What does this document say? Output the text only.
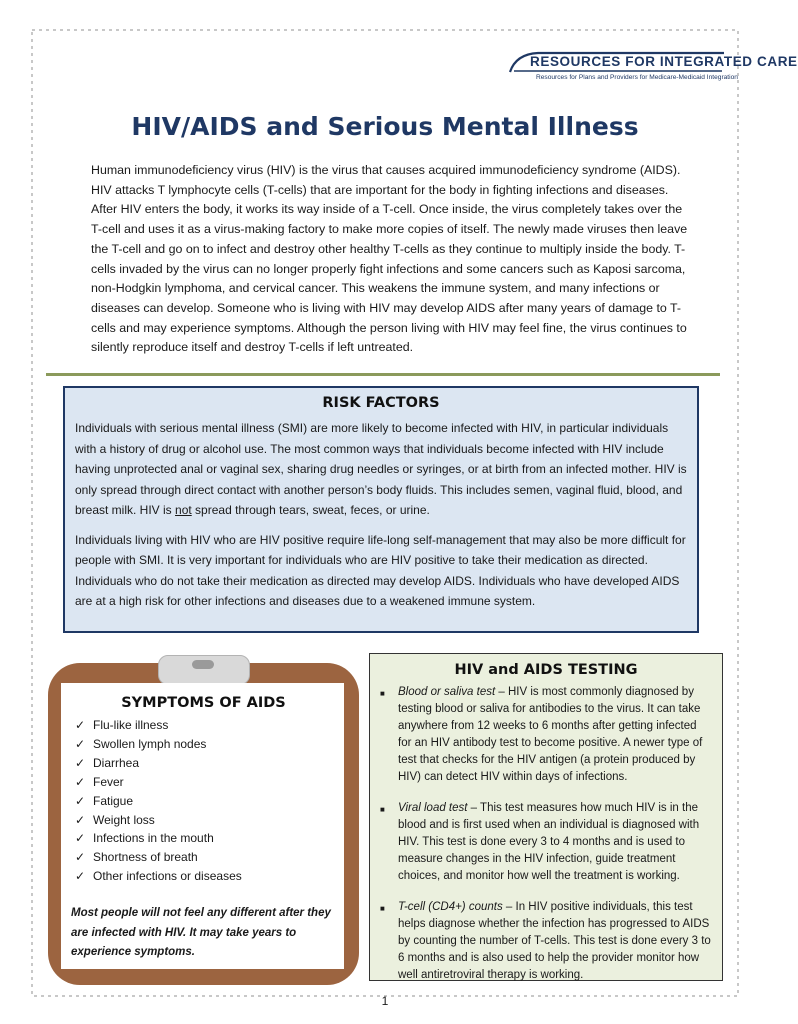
RESOURCES FOR INTEGRATED CARE
Resources for Plans and Providers for Medicare-Medicaid Integration
HIV/AIDS and Serious Mental Illness

Human immunodeficiency virus (HIV) is the virus that causes acquired immunodeficiency syndrome (AIDS). HIV attacks T lymphocyte cells (T-cells) that are important for the body in fighting infections and diseases. After HIV enters the body, it works its way inside of a T-cell. Once inside, the virus completely takes over the T-cell and uses it as a virus-making factory to make more copies of itself. The newly made viruses then leave the T-cell and go on to infect and destroy other healthy T-cells as they continue to multiply inside the body. T-cells invaded by the virus can no longer properly fight infections and some cancers such as Kaposi sarcoma, non-Hodgkin lymphoma, and cervical cancer. This weakens the immune system, and many infections or diseases can develop. Someone who is living with HIV may develop AIDS after many years of damage to T-cells and may experience symptoms. Although the person living with HIV may feel fine, the virus continues to silently reproduce itself and destroy T-cells if left untreated.

RISK FACTORS

Individuals with serious mental illness (SMI) are more likely to become infected with HIV, in particular individuals with a history of drug or alcohol use. The most common ways that individuals become infected with HIV include having unprotected anal or vaginal sex, sharing drug needles or syringes, or at birth from an infected mother. HIV is only spread through direct contact with another person’s body fluids. This includes semen, vaginal fluid, blood, and breast milk. HIV is not spread through tears, sweat, feces, or urine.

Individuals living with HIV who are HIV positive require life-long self-management that may also be more difficult for people with SMI. It is very important for individuals who are HIV positive to take their medication as directed. Individuals who do not take their medication as directed may develop AIDS. Individuals who have developed AIDS are at a high risk for other infections and diseases due to a weakened immune system.

SYMPTOMS OF AIDS
✓ Flu-like illness
✓ Swollen lymph nodes
✓ Diarrhea
✓ Fever
✓ Fatigue
✓ Weight loss
✓ Infections in the mouth
✓ Shortness of breath
✓ Other infections or diseases

Most people will not feel any different after they are infected with HIV. It may take years to experience symptoms.

HIV and AIDS TESTING
■ Blood or saliva test – HIV is most commonly diagnosed by testing blood or saliva for antibodies to the virus. It can take anywhere from 12 weeks to 6 months after getting infected for an HIV antibody test to become positive. A newer type of test that checks for the HIV antigen (a protein produced by HIV) can detect HIV within days of infections.
■ Viral load test – This test measures how much HIV is in the blood and is first used when an individual is diagnosed with HIV. This test is done every 3 to 4 months and is used to measure changes in the HIV infection, guide treatment choices, and monitor how well the treatment is working.
■ T-cell (CD4+) counts – In HIV positive individuals, this test helps diagnose whether the infection has progressed to AIDS by counting the number of T-cells. This test is done every 3 to 6 months and is also used to help the provider monitor how well antiretroviral therapy is working.
1
